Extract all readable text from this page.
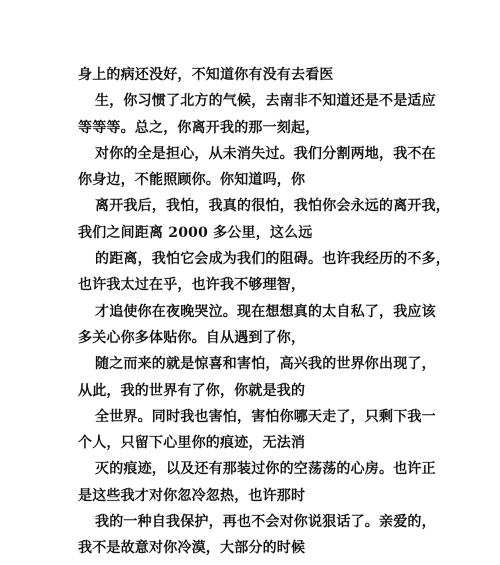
身上的病还没好，不知道你有没有去看医
生，你习惯了北方的气候，去南非不知道还是不是适应
等等等。总之，你离开我的那一刻起，
对你的全是担心，从未消失过。我们分割两地，我不在
你身边，不能照顾你。你知道吗，你
离开我后，我怕，我真的很怕，我怕你会永远的离开我，
我们之间距离 2000 多公里，这么远
的距离，我怕它会成为我们的阻碍。也许我经历的不多，
也许我太过在乎，也许我不够理智，
才追使你在夜晚哭泣。现在想想真的太自私了，我应该
多关心你多体贴你。自从遇到了你，
随之而来的就是惊喜和害怕，高兴我的世界你出现了，
从此，我的世界有了你，你就是我的
全世界。同时我也害怕，害怕你哪天走了，只剩下我一
个人，只留下心里你的痕迹，无法消
灭的痕迹，以及还有那装过你的空荡荡的心房。也许正
是这些我才对你忽冷忽热，也许那时
我的一种自我保护，再也不会对你说狠话了。亲爱的，
我不是故意对你冷漠，大部分的时候
